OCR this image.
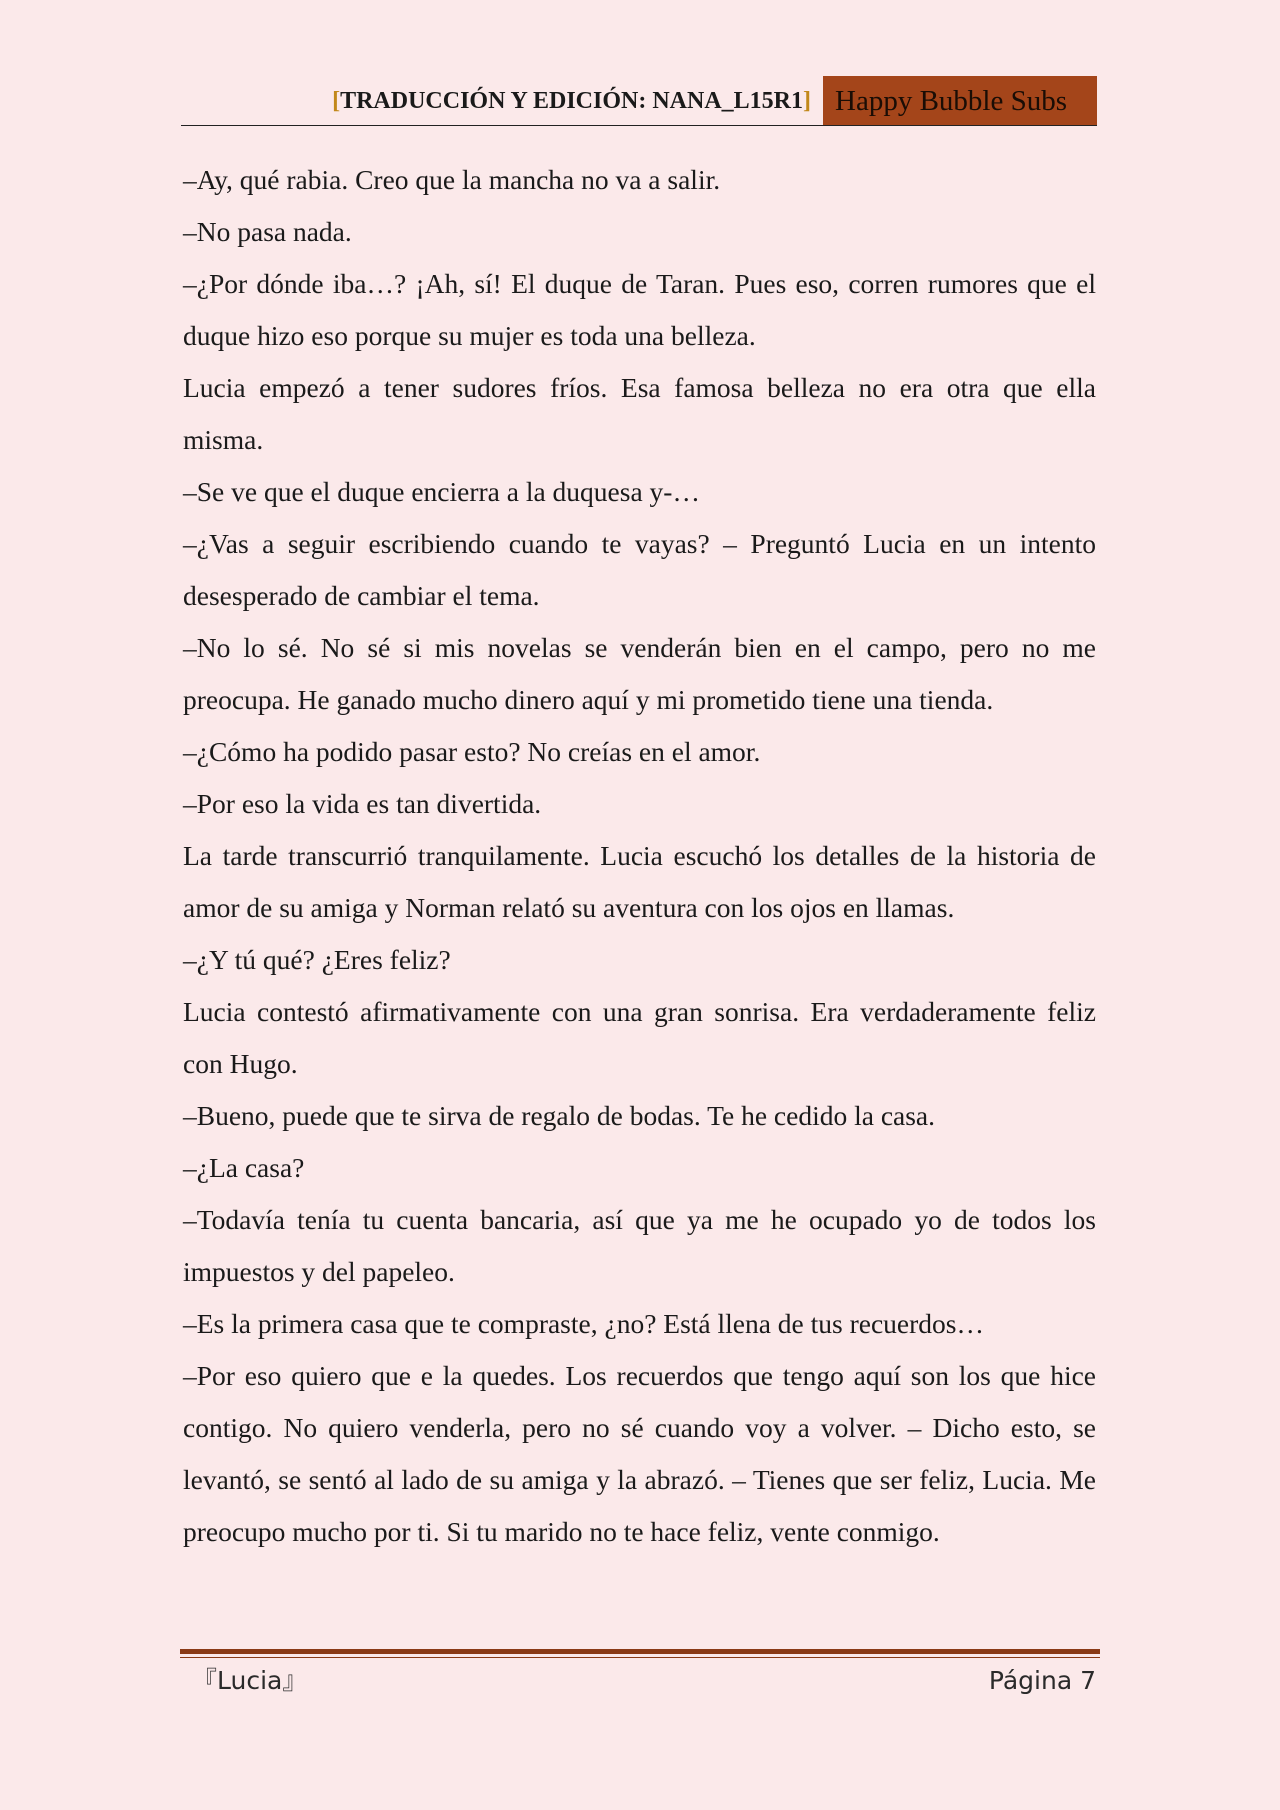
[TRADUCCIÓN Y EDICIÓN: NANA_L15R1] Happy Bubble Subs

–Ay, qué rabia. Creo que la mancha no va a salir.

–No pasa nada.

–¿Por dónde iba…? ¡Ah, sí! El duque de Taran. Pues eso, corren rumores que el duque hizo eso porque su mujer es toda una belleza.

Lucia empezó a tener sudores fríos. Esa famosa belleza no era otra que ella misma.

–Se ve que el duque encierra a la duquesa y-…

–¿Vas a seguir escribiendo cuando te vayas? – Preguntó Lucia en un intento desesperado de cambiar el tema.

–No lo sé. No sé si mis novelas se venderán bien en el campo, pero no me preocupa. He ganado mucho dinero aquí y mi prometido tiene una tienda.

–¿Cómo ha podido pasar esto? No creías en el amor.

–Por eso la vida es tan divertida.

La tarde transcurrió tranquilamente. Lucia escuchó los detalles de la historia de amor de su amiga y Norman relató su aventura con los ojos en llamas.

–¿Y tú qué? ¿Eres feliz?

Lucia contestó afirmativamente con una gran sonrisa. Era verdaderamente feliz con Hugo.

–Bueno, puede que te sirva de regalo de bodas. Te he cedido la casa.

–¿La casa?

–Todavía tenía tu cuenta bancaria, así que ya me he ocupado yo de todos los impuestos y del papeleo.

–Es la primera casa que te compraste, ¿no? Está llena de tus recuerdos…

–Por eso quiero que e la quedes. Los recuerdos que tengo aquí son los que hice contigo. No quiero venderla, pero no sé cuando voy a volver. – Dicho esto, se levantó, se sentó al lado de su amiga y la abrazó. – Tienes que ser feliz, Lucia. Me preocupo mucho por ti. Si tu marido no te hace feliz, vente conmigo.

『Lucia』	Página 7
